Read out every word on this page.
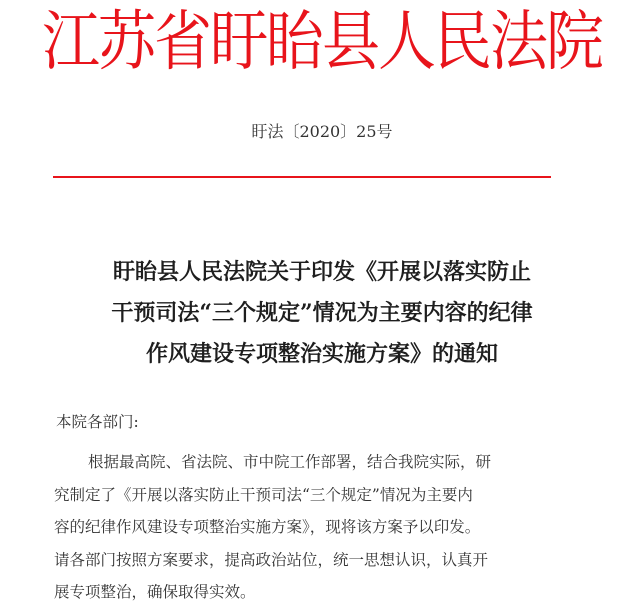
江苏省盱眙县人民法院
盱法〔2020〕25号
盱眙县人民法院关于印发《开展以落实防止
干预司法“三个规定”情况为主要内容的纪律
作风建设专项整治实施方案》的通知
本院各部门:
根据最高院、省法院、市中院工作部署，结合我院实际，研
究制定了《开展以落实防止干预司法“三个规定”情况为主要内
容的纪律作风建设专项整治实施方案》，现将该方案予以印发。
请各部门按照方案要求，提高政治站位，统一思想认识，认真开
展专项整治，确保取得实效。
